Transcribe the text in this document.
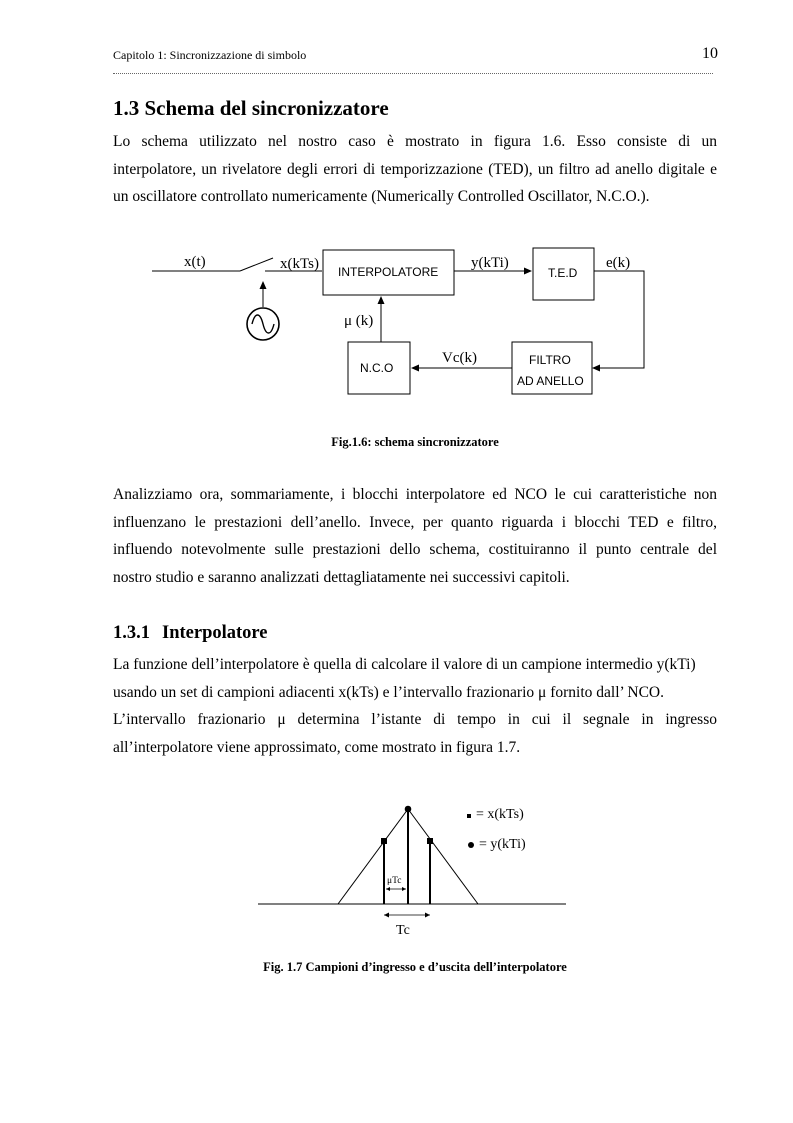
Capitolo 1: Sincronizzazione di simbolo	10
1.3 Schema del sincronizzatore

Lo schema utilizzato nel nostro caso è mostrato in figura 1.6. Esso consiste di un

interpolatore, un rivelatore degli errori di temporizzazione (TED), un filtro ad anello digitale e

un oscillatore controllato numericamente (Numerically Controlled Oscillator, N.C.O.).

x(t)	x(kTs) INTERPOLATORE
y(kTi)
T.E.D
e(k)
μ (k)
N.C.O
Vc(k)	FILTRO
AD ANELLO
Fig.1.6: schema sincronizzatore

Analizziamo ora, sommariamente, i blocchi interpolatore ed NCO le cui caratteristiche non

influenzano le prestazioni dell’anello. Invece, per quanto riguarda i blocchi TED e filtro,

influendo notevolmente sulle prestazioni dello schema, costituiranno il punto centrale del

nostro studio e saranno analizzati dettagliatamente nei successivi capitoli.

1.3.1 Interpolatore

La funzione dell’interpolatore è quella di calcolare il valore di un campione intermedio y(kTi)

usando un set di campioni adiacenti x(kTs) e l’intervallo frazionario μ fornito dall’ NCO.

L’intervallo frazionario μ determina l’istante di tempo in cui il segnale in ingresso

all’interpolatore viene approssimato, come mostrato in figura 1.7.

μTc
Tc
= x(kTs)
= y(kTi)
Fig. 1.7 Campioni d’ingresso e d’uscita dell’interpolatore
